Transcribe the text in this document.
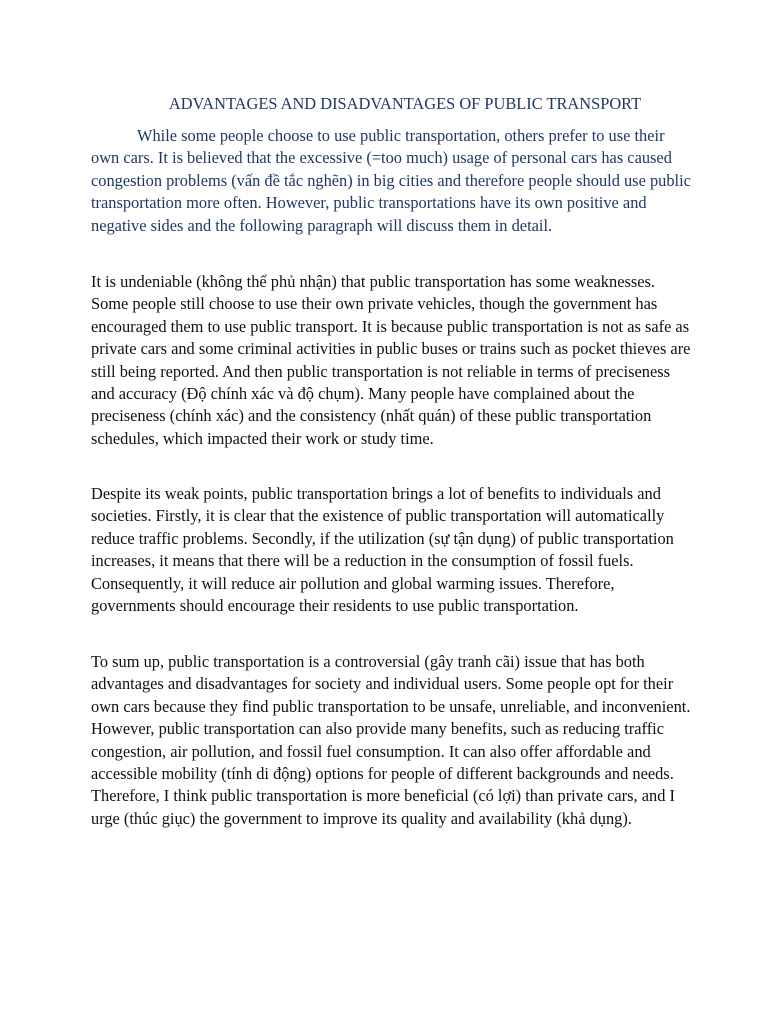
ADVANTAGES AND DISADVANTAGES OF PUBLIC TRANSPORT

While some people choose to use public transportation, others prefer to use their own cars. It is believed that the excessive (=too much) usage of personal cars has caused congestion problems (vấn đề tắc nghẽn) in big cities and therefore people should use public transportation more often. However, public transportations have its own positive and negative sides and the following paragraph will discuss them in detail.

It is undeniable (không thể phủ nhận) that public transportation has some weaknesses. Some people still choose to use their own private vehicles, though the government has encouraged them to use public transport. It is because public transportation is not as safe as private cars and some criminal activities in public buses or trains such as pocket thieves are still being reported. And then public transportation is not reliable in terms of preciseness and accuracy (Độ chính xác và độ chụm). Many people have complained about the preciseness (chính xác) and the consistency (nhất quán) of these public transportation schedules, which impacted their work or study time.

Despite its weak points, public transportation brings a lot of benefits to individuals and societies. Firstly, it is clear that the existence of public transportation will automatically reduce traffic problems. Secondly, if the utilization (sự tận dụng) of public transportation increases, it means that there will be a reduction in the consumption of fossil fuels. Consequently, it will reduce air pollution and global warming issues. Therefore, governments should encourage their residents to use public transportation.

To sum up, public transportation is a controversial (gây tranh cãi) issue that has both advantages and disadvantages for society and individual users. Some people opt for their own cars because they find public transportation to be unsafe, unreliable, and inconvenient. However, public transportation can also provide many benefits, such as reducing traffic congestion, air pollution, and fossil fuel consumption. It can also offer affordable and accessible mobility (tính di động) options for people of different backgrounds and needs. Therefore, I think public transportation is more beneficial (có lợi) than private cars, and I urge (thúc giục) the government to improve its quality and availability (khả dụng).
